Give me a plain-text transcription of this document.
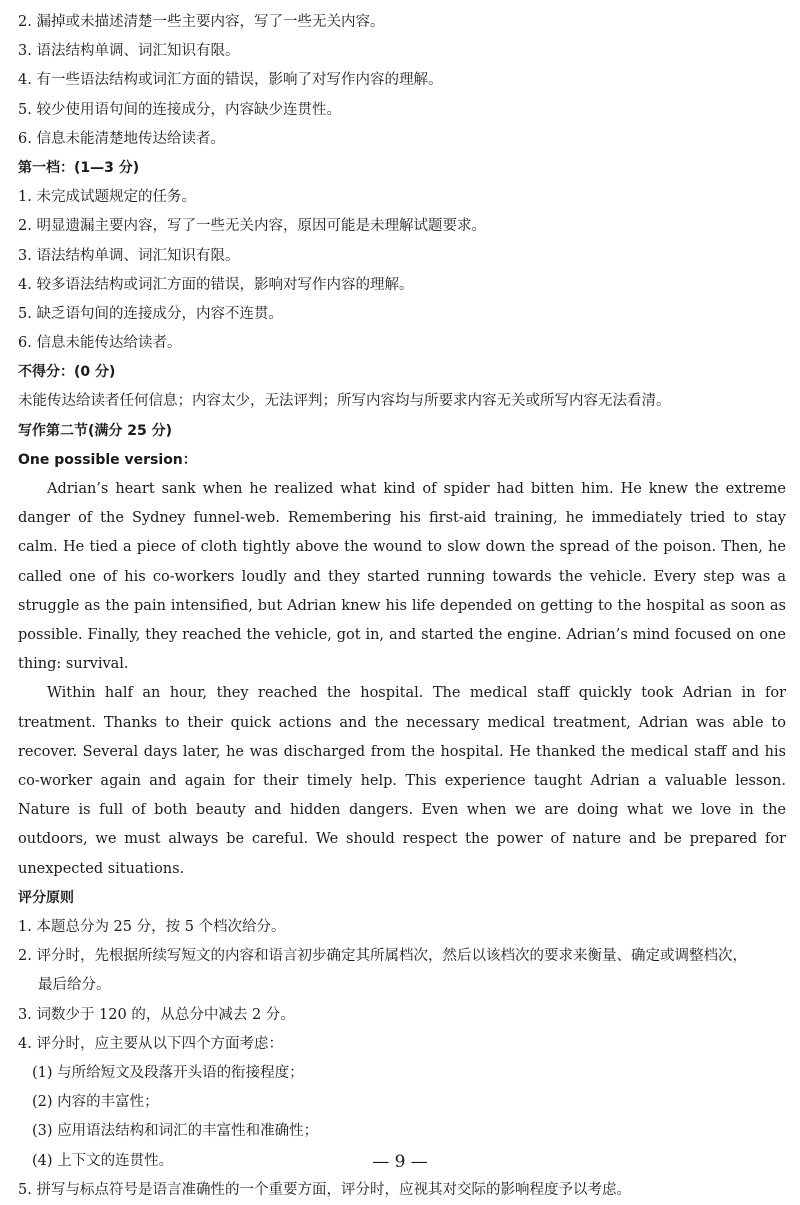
2. 漏掉或未描述清楚一些主要内容，写了一些无关内容。
3. 语法结构单调、词汇知识有限。
4. 有一些语法结构或词汇方面的错误，影响了对写作内容的理解。
5. 较少使用语句间的连接成分，内容缺少连贯性。
6. 信息未能清楚地传达给读者。
第一档：(1—3 分)
1. 未完成试题规定的任务。
2. 明显遗漏主要内容，写了一些无关内容，原因可能是未理解试题要求。
3. 语法结构单调、词汇知识有限。
4. 较多语法结构或词汇方面的错误，影响对写作内容的理解。
5. 缺乏语句间的连接成分，内容不连贯。
6. 信息未能传达给读者。
不得分：(0 分)
未能传达给读者任何信息；内容太少，无法评判；所写内容均与所要求内容无关或所写内容无法看清。
写作第二节(满分 25 分)
One possible version：

Adrian’s heart sank when he realized what kind of spider had bitten him. He knew the extreme danger of the Sydney funnel-web. Remembering his first-aid training, he immediately tried to stay calm. He tied a piece of cloth tightly above the wound to slow down the spread of the poison. Then, he called one of his co-workers loudly and they started running towards the vehicle. Every step was a struggle as the pain intensified, but Adrian knew his life depended on getting to the hospital as soon as possible. Finally, they reached the vehicle, got in, and started the engine. Adrian’s mind focused on one thing: survival.

Within half an hour, they reached the hospital. The medical staff quickly took Adrian in for treatment. Thanks to their quick actions and the necessary medical treatment, Adrian was able to recover. Several days later, he was discharged from the hospital. He thanked the medical staff and his co-worker again and again for their timely help. This experience taught Adrian a valuable lesson. Nature is full of both beauty and hidden dangers. Even when we are doing what we love in the outdoors, we must always be careful. We should respect the power of nature and be prepared for unexpected situations.

评分原则
1. 本题总分为 25 分，按 5 个档次给分。
2. 评分时，先根据所续写短文的内容和语言初步确定其所属档次，然后以该档次的要求来衡量、确定或调整档次，
最后给分。
3. 词数少于 120 的，从总分中减去 2 分。
4. 评分时，应主要从以下四个方面考虑：
(1) 与所给短文及段落开头语的衔接程度；
(2) 内容的丰富性；
(3) 应用语法结构和词汇的丰富性和准确性；
(4) 上下文的连贯性。
5. 拼写与标点符号是语言准确性的一个重要方面，评分时，应视其对交际的影响程度予以考虑。
— 9 —
